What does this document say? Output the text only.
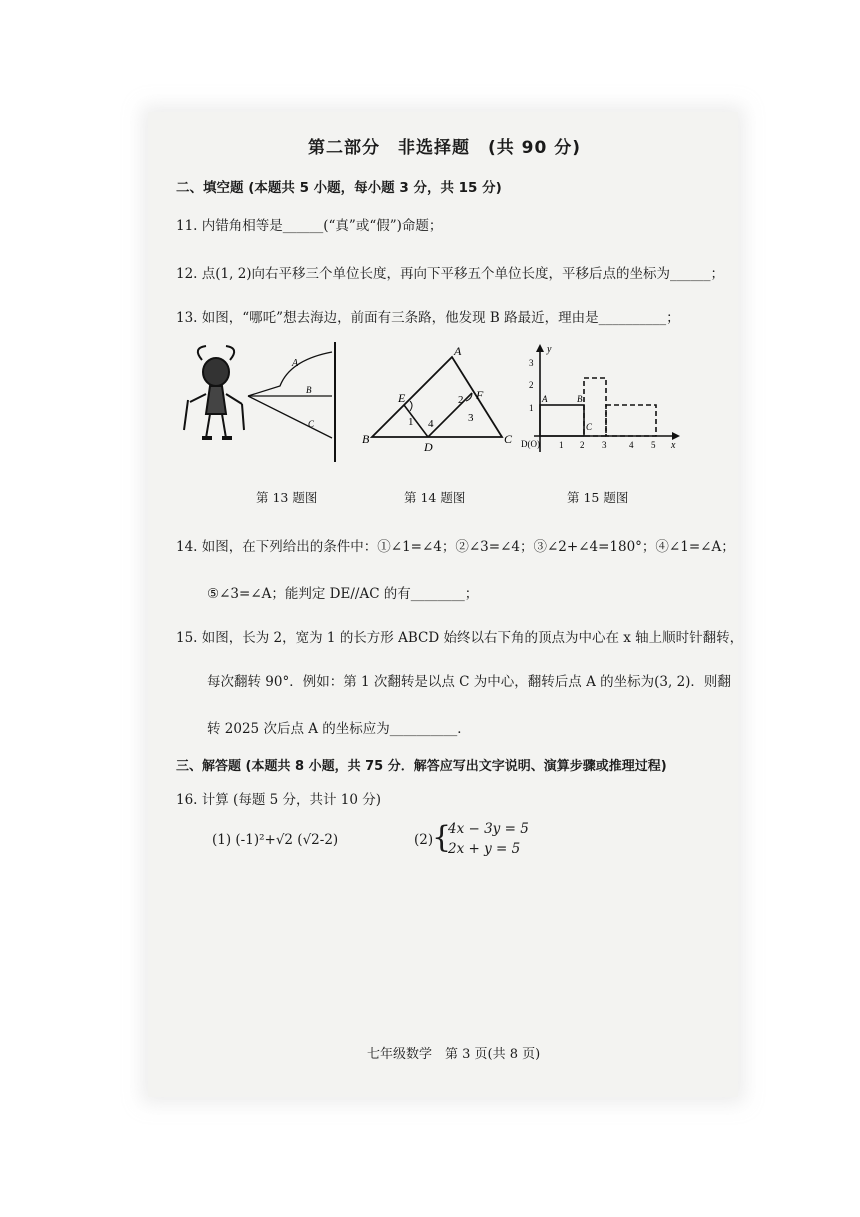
第二部分　非选择题　(共 90 分)
二、填空题 (本题共 5 小题，每小题 3 分，共 15 分)
11. 内错角相等是______(“真”或“假”)命题；
12. 点(1, 2)向右平移三个单位长度，再向下平移五个单位长度，平移后点的坐标为______；
13. 如图，“哪吒”想去海边，前面有三条路，他发现 B 路最近，理由是__________；
A
B
C
A
B	C
D
E	F
1
2
3
4
y
x
D(O) 1 2 3	4 5
1
2
3
A	B
C
第 13 题图	第 14 题图	第 15 题图
14. 如图，在下列给出的条件中：①∠1=∠4；②∠3=∠4；③∠2+∠4=180°；④∠1=∠A；
⑤∠3=∠A；能判定 DE//AC 的有________；
15. 如图，长为 2，宽为 1 的长方形 ABCD 始终以右下角的顶点为中心在 x 轴上顺时针翻转，
每次翻转 90°．例如：第 1 次翻转是以点 C 为中心，翻转后点 A 的坐标为(3, 2)．则翻
转 2025 次后点 A 的坐标应为__________．
三、解答题 (本题共 8 小题，共 75 分．解答应写出文字说明、演算步骤或推理过程)
16. 计算 (每题 5 分，共计 10 分)
(1) (-1)²+√2 (√2-2)	(2)
{
4x − 3y = 5
2x + y = 5
七年级数学　第 3 页(共 8 页)
